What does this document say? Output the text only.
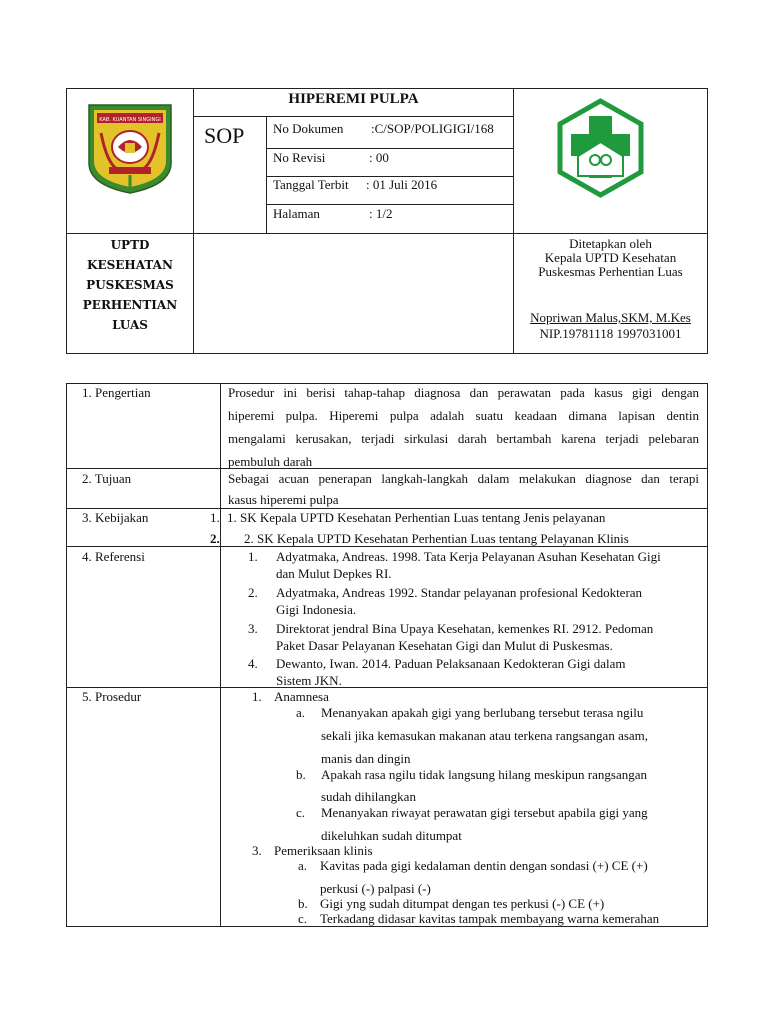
KAB. KUANTAN SINGINGI
HIPEREMI PULPA
SOP No Dokumen :C/SOP/POLIGIGI/168
No Revisi	: 00
Tanggal Terbit : 01 Juli 2016
Halaman	: 1/2
UPTD
KESEHATAN
PUSKESMAS
PERHENTIAN
LUAS
Ditetapkan oleh
Kepala UPTD Kesehatan
Puskesmas Perhentian Luas
Nopriwan Malus,SKM, M.Kes
NIP.19781118 1997031001
1. Pengertian	Prosedur ini berisi tahap-tahap diagnosa dan perawatan pada kasus gigi dengan
hiperemi pulpa. Hiperemi pulpa adalah suatu keadaan dimana lapisan dentin
mengalami kerusakan, terjadi sirkulasi darah bertambah karena terjadi pelebaran
pembuluh darah
2. Tujuan	Sebagai acuan penerapan langkah-langkah dalam melakukan diagnose dan terapi
kasus hiperemi pulpa
3. Kebijakan	1. 1. SK Kepala UPTD Kesehatan Perhentian Luas tentang Jenis pelayanan
2. 2. SK Kepala UPTD Kesehatan Perhentian Luas tentang Pelayanan Klinis
4. Referensi	1. Adyatmaka, Andreas. 1998. Tata Kerja Pelayanan Asuhan Kesehatan Gigi
dan Mulut Depkes RI.
2. Adyatmaka, Andreas 1992. Standar pelayanan profesional Kedokteran
Gigi Indonesia.
3. Direktorat jendral Bina Upaya Kesehatan, kemenkes RI. 2912. Pedoman
Paket Dasar Pelayanan Kesehatan Gigi dan Mulut di Puskesmas.
4. Dewanto, Iwan. 2014. Paduan Pelaksanaan Kedokteran Gigi dalam
Sistem JKN.
5. Prosedur	1. Anamnesa
a. Menanyakan apakah gigi yang berlubang tersebut terasa ngilu
sekali jika kemasukan makanan atau terkena rangsangan asam,
manis dan dingin
b. Apakah rasa ngilu tidak langsung hilang meskipun rangsangan
sudah dihilangkan
c. Menanyakan riwayat perawatan gigi tersebut apabila gigi yang
dikeluhkan sudah ditumpat
3. Pemeriksaan klinis
a. Kavitas pada gigi kedalaman dentin dengan sondasi (+) CE (+)
perkusi (-) palpasi (-)
b. Gigi yng sudah ditumpat dengan tes perkusi (-) CE (+)
c. Terkadang didasar kavitas tampak membayang warna kemerahan
